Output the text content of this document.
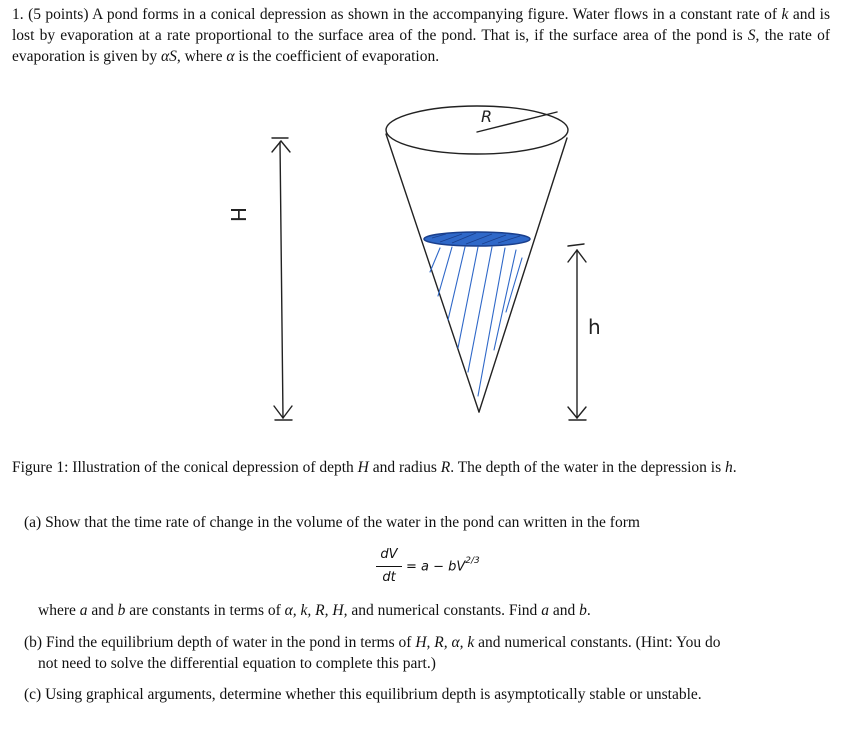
1. (5 points) A pond forms in a conical depression as shown in the accompanying figure. Water flows in a constant rate of k and is lost by evaporation at a rate proportional to the surface area of the pond. That is, if the surface area of the pond is S, the rate of evaporation is given by αS, where α is the coefficient of evaporation.
R
H
h
Figure 1: Illustration of the conical depression of depth H and radius R. The depth of the water in the depression is h.
(a) Show that the time rate of change in the volume of the water in the pond can written in the form
dV
dt
= $a - bV^{2/3}$
where a and b are constants in terms of α, k, R, H, and numerical constants. Find a and b.
(b) Find the equilibrium depth of water in the pond in terms of H, R, α, k and numerical constants. (Hint: You do
not need to solve the differential equation to complete this part.)
(c) Using graphical arguments, determine whether this equilibrium depth is asymptotically stable or unstable.
